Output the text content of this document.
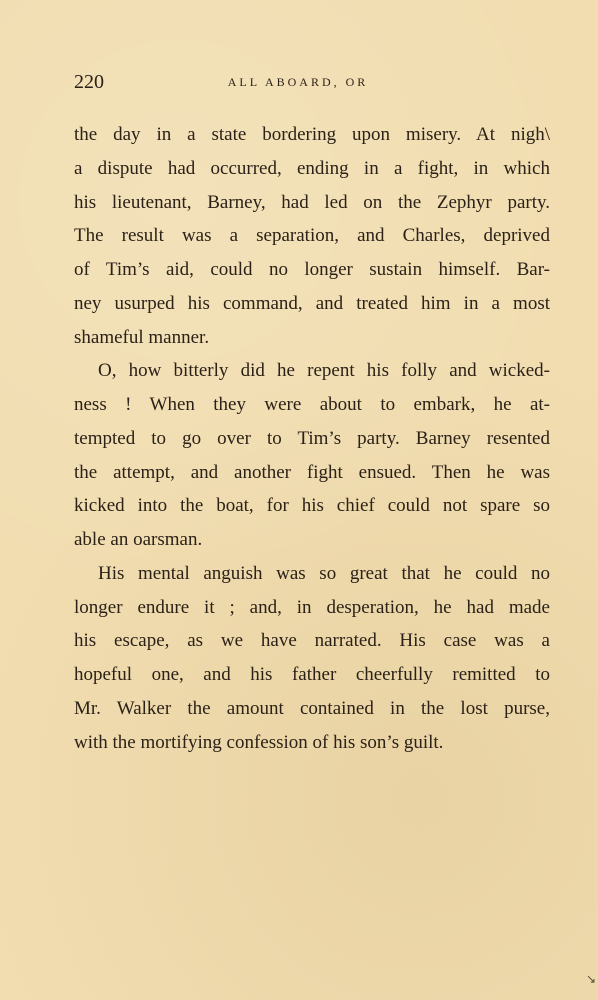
220	ALL ABOARD, OR
the day in a state bordering upon misery. At nigh\
a dispute had occurred, ending in a fight, in which
his lieutenant, Barney, had led on the Zephyr party.
The result was a separation, and Charles, deprived
of Tim’s aid, could no longer sustain himself. Bar-
ney usurped his command, and treated him in a most
shameful manner.
O, how bitterly did he repent his folly and wicked-
ness ! When they were about to embark, he at-
tempted to go over to Tim’s party. Barney resented
the attempt, and another fight ensued. Then he was
kicked into the boat, for his chief could not spare so
able an oarsman.
His mental anguish was so great that he could no
longer endure it ; and, in desperation, he had made
his escape, as we have narrated. His case was a
hopeful one, and his father cheerfully remitted to
Mr. Walker the amount contained in the lost purse,
with the mortifying confession of his son’s guilt.
↘
